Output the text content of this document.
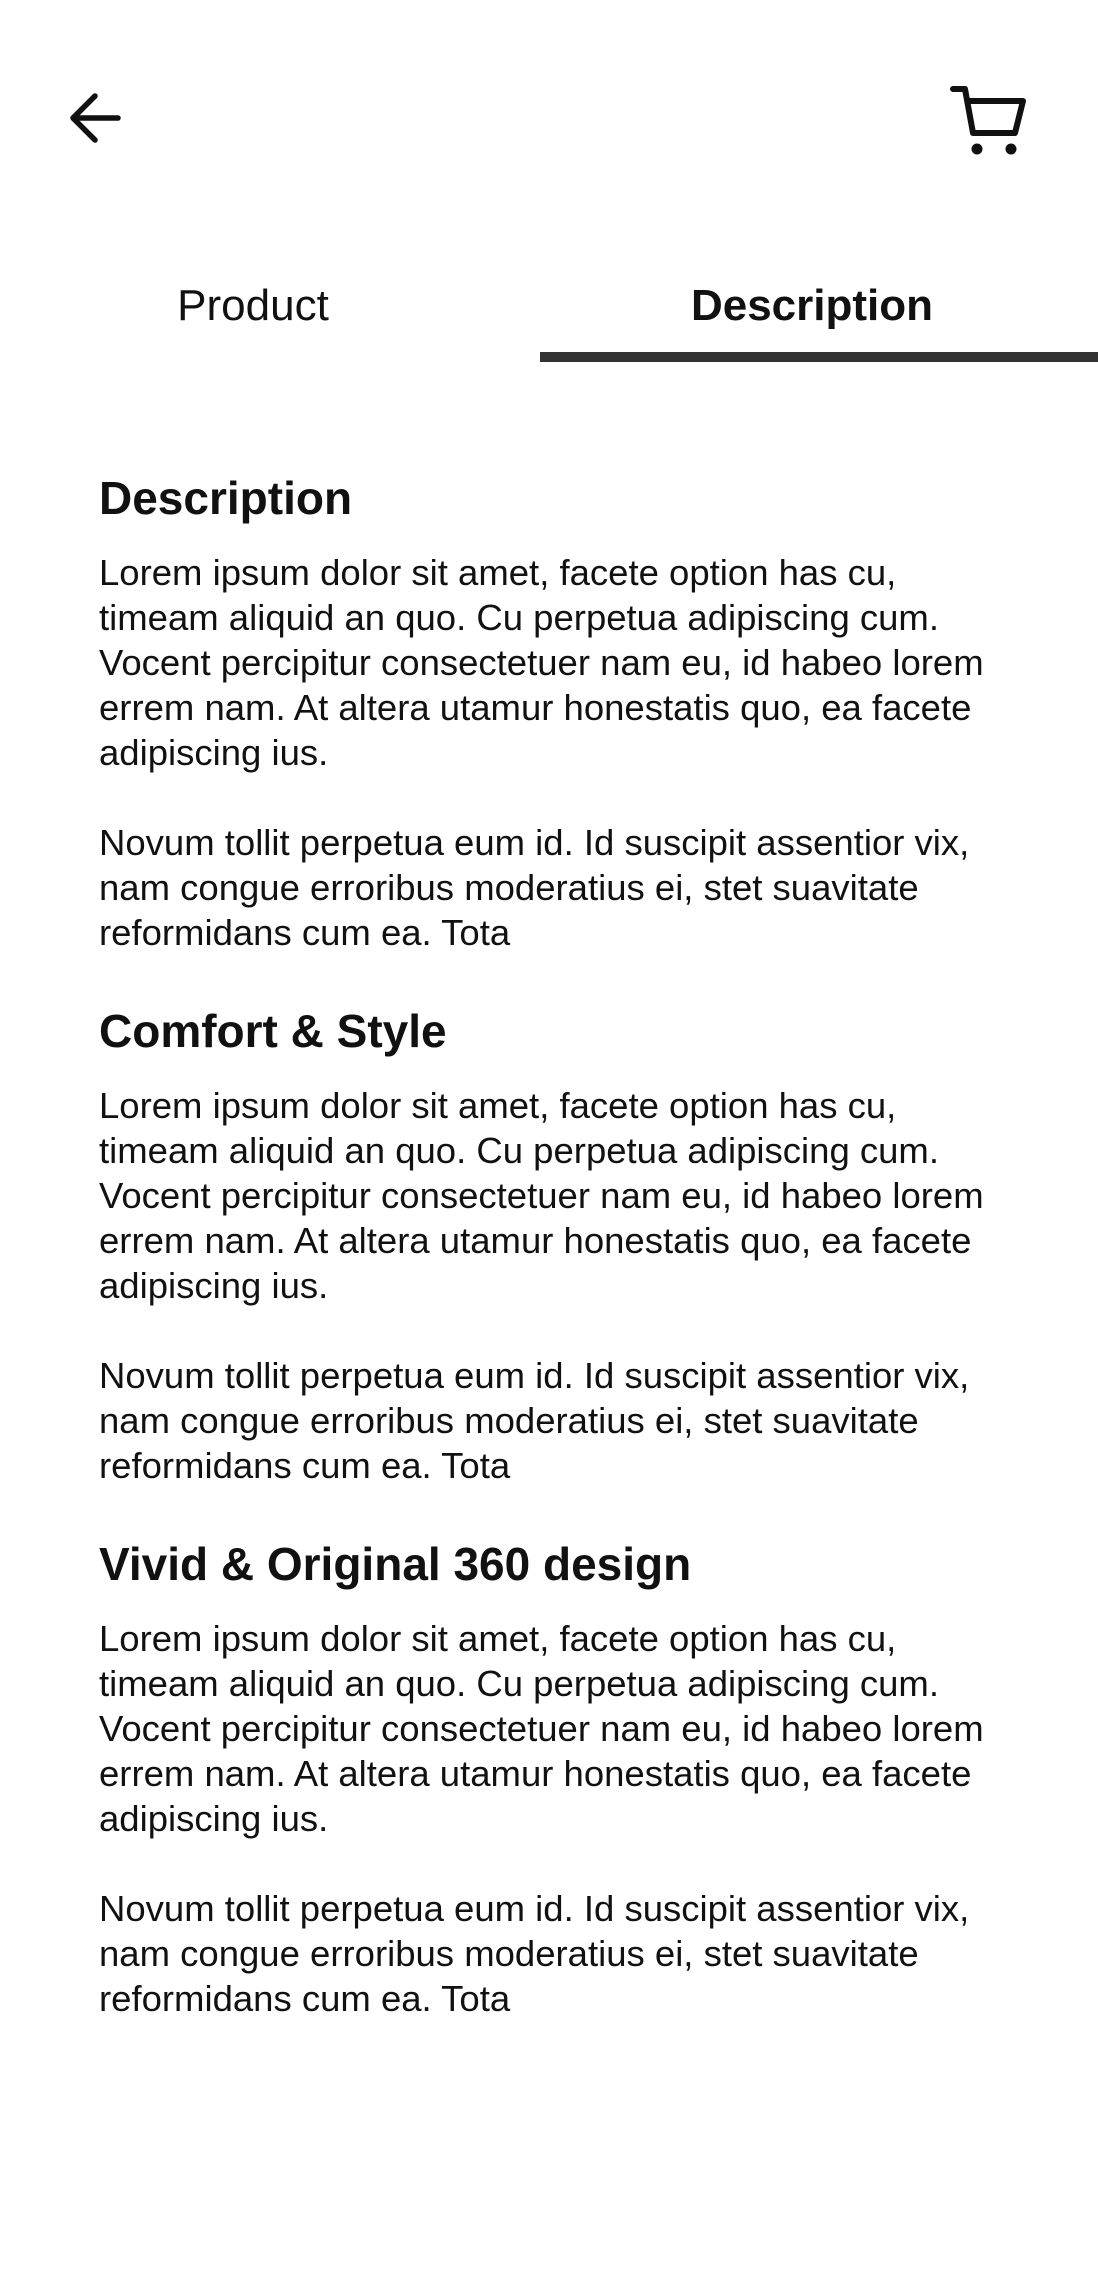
Product	Description
Description

Lorem ipsum dolor sit amet, facete option has cu, timeam aliquid an quo. Cu perpetua adipiscing cum. Vocent percipitur consectetuer nam eu, id habeo lorem errem nam. At altera utamur honestatis quo, ea facete adipiscing ius.

Novum tollit perpetua eum id. Id suscipit assentior vix, nam congue erroribus moderatius ei, stet suavitate reformidans cum ea. Tota

Comfort & Style

Lorem ipsum dolor sit amet, facete option has cu, timeam aliquid an quo. Cu perpetua adipiscing cum. Vocent percipitur consectetuer nam eu, id habeo lorem errem nam. At altera utamur honestatis quo, ea facete adipiscing ius.

Novum tollit perpetua eum id. Id suscipit assentior vix, nam congue erroribus moderatius ei, stet suavitate reformidans cum ea. Tota

Vivid & Original 360 design

Lorem ipsum dolor sit amet, facete option has cu, timeam aliquid an quo. Cu perpetua adipiscing cum. Vocent percipitur consectetuer nam eu, id habeo lorem errem nam. At altera utamur honestatis quo, ea facete adipiscing ius.

Novum tollit perpetua eum id. Id suscipit assentior vix, nam congue erroribus moderatius ei, stet suavitate reformidans cum ea. Tota
